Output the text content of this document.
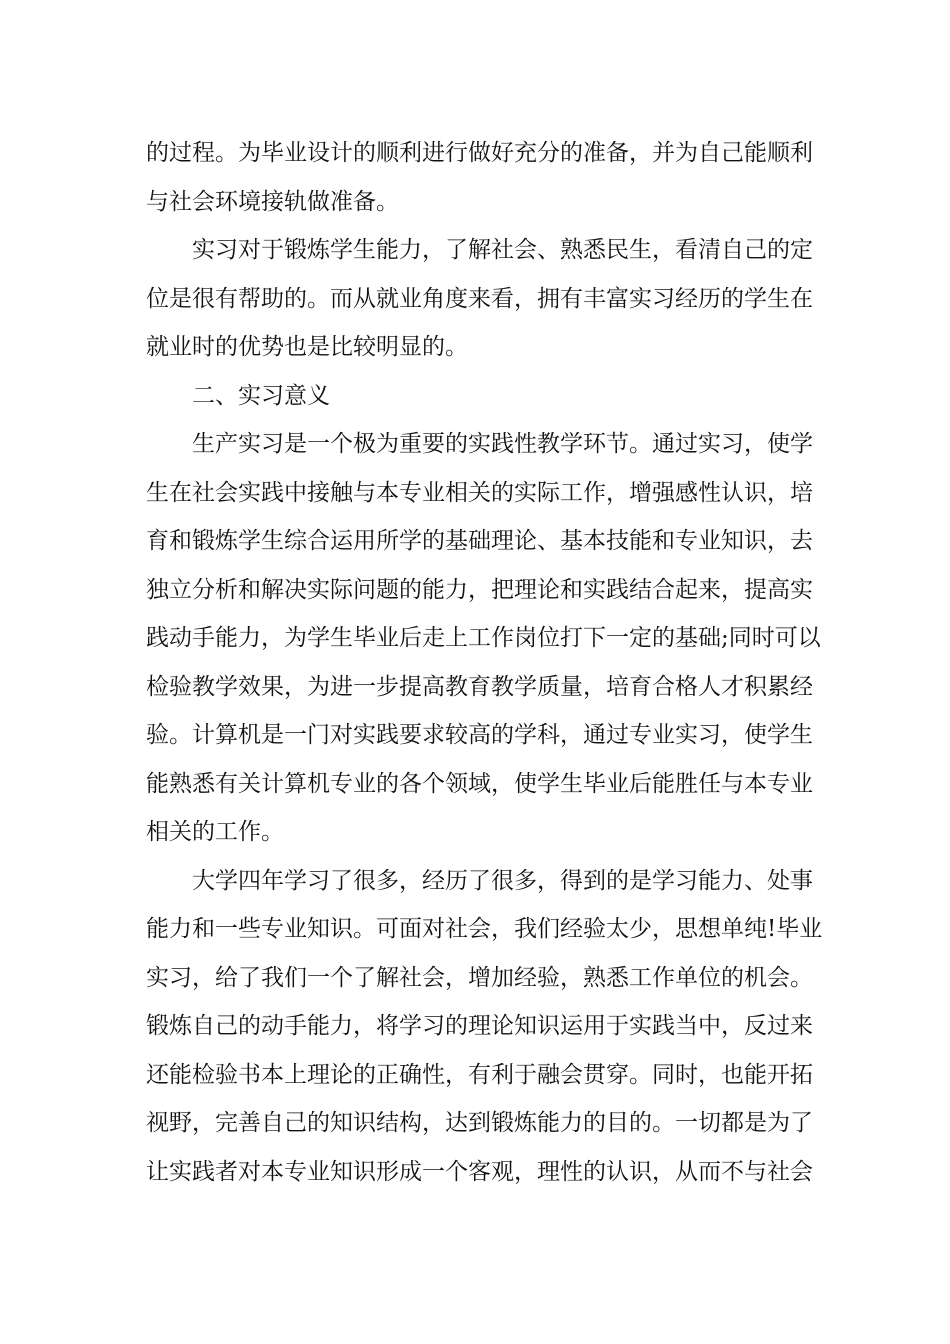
的过程。为毕业设计的顺利进行做好充分的准备，并为自己能顺利
与社会环境接轨做准备。
实习对于锻炼学生能力，了解社会、熟悉民生，看清自己的定
位是很有帮助的。而从就业角度来看，拥有丰富实习经历的学生在
就业时的优势也是比较明显的。
二、实习意义
生产实习是一个极为重要的实践性教学环节。通过实习，使学
生在社会实践中接触与本专业相关的实际工作，增强感性认识，培
育和锻炼学生综合运用所学的基础理论、基本技能和专业知识，去
独立分析和解决实际问题的能力，把理论和实践结合起来，提高实
践动手能力，为学生毕业后走上工作岗位打下一定的基础;同时可以
检验教学效果，为进一步提高教育教学质量，培育合格人才积累经
验。计算机是一门对实践要求较高的学科，通过专业实习，使学生
能熟悉有关计算机专业的各个领域，使学生毕业后能胜任与本专业
相关的工作。
大学四年学习了很多，经历了很多，得到的是学习能力、处事
能力和一些专业知识。可面对社会，我们经验太少，思想单纯!毕业
实习，给了我们一个了解社会，增加经验，熟悉工作单位的机会。
锻炼自己的动手能力，将学习的理论知识运用于实践当中，反过来
还能检验书本上理论的正确性，有利于融会贯穿。同时，也能开拓
视野，完善自己的知识结构，达到锻炼能力的目的。一切都是为了
让实践者对本专业知识形成一个客观，理性的认识，从而不与社会
